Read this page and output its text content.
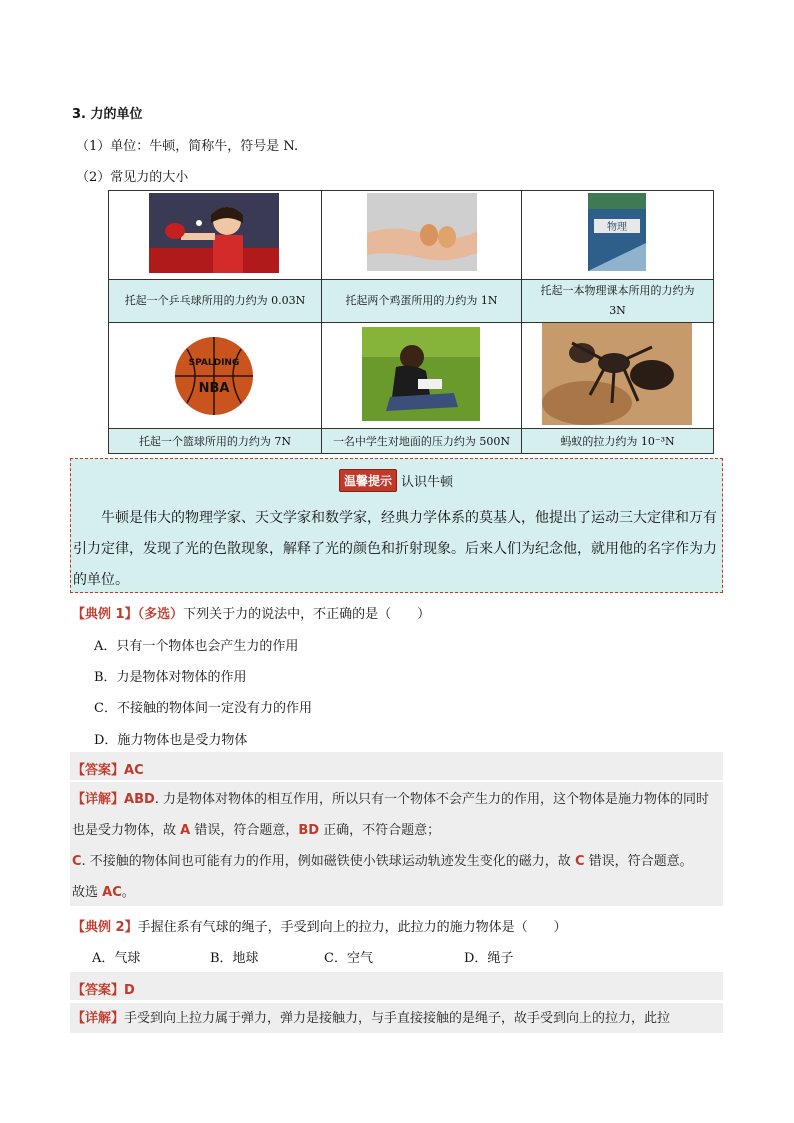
3. 力的单位
（1）单位：牛顿，简称牛，符号是 N.
（2）常见力的大小

物理

托起一个乒乓球所用的力约为 0.03N	托起两个鸡蛋所用的力约为 1N	托起一本物理课本所用的力约为
3N

SPALDING
NBA

托起一个篮球所用的力约为 7N	一名中学生对地面的压力约为 500N	蚂蚁的拉力约为 10⁻³N
温馨提示 认识牛顿
　　牛顿是伟大的物理学家、天文学家和数学家，经典力学体系的莫基人，他提出了运动三大定律和万有引力定律，发现了光的色散现象，解释了光的颜色和折射现象。后来人们为纪念他，就用他的名字作为力的单位。
【典例 1】（多选）下列关于力的说法中，不正确的是（　　）
A．只有一个物体也会产生力的作用
B．力是物体对物体的作用
C．不接触的物体间一定没有力的作用
D．施力物体也是受力物体
【答案】AC
【详解】ABD. 力是物体对物体的相互作用，所以只有一个物体不会产生力的作用，这个物体是施力物体的同时也是受力物体，故 A 错误，符合题意，BD 正确，不符合题意；
C. 不接触的物体间也可能有力的作用，例如磁铁使小铁球运动轨迹发生变化的磁力，故 C 错误，符合题意。
故选 AC。
【典例 2】手握住系有气球的绳子，手受到向上的拉力，此拉力的施力物体是（　　）
A．气球	B．地球	C．空气	D．绳子
【答案】D
【详解】手受到向上拉力属于弹力，弹力是接触力，与手直接接触的是绳子，故手受到向上的拉力，此拉
